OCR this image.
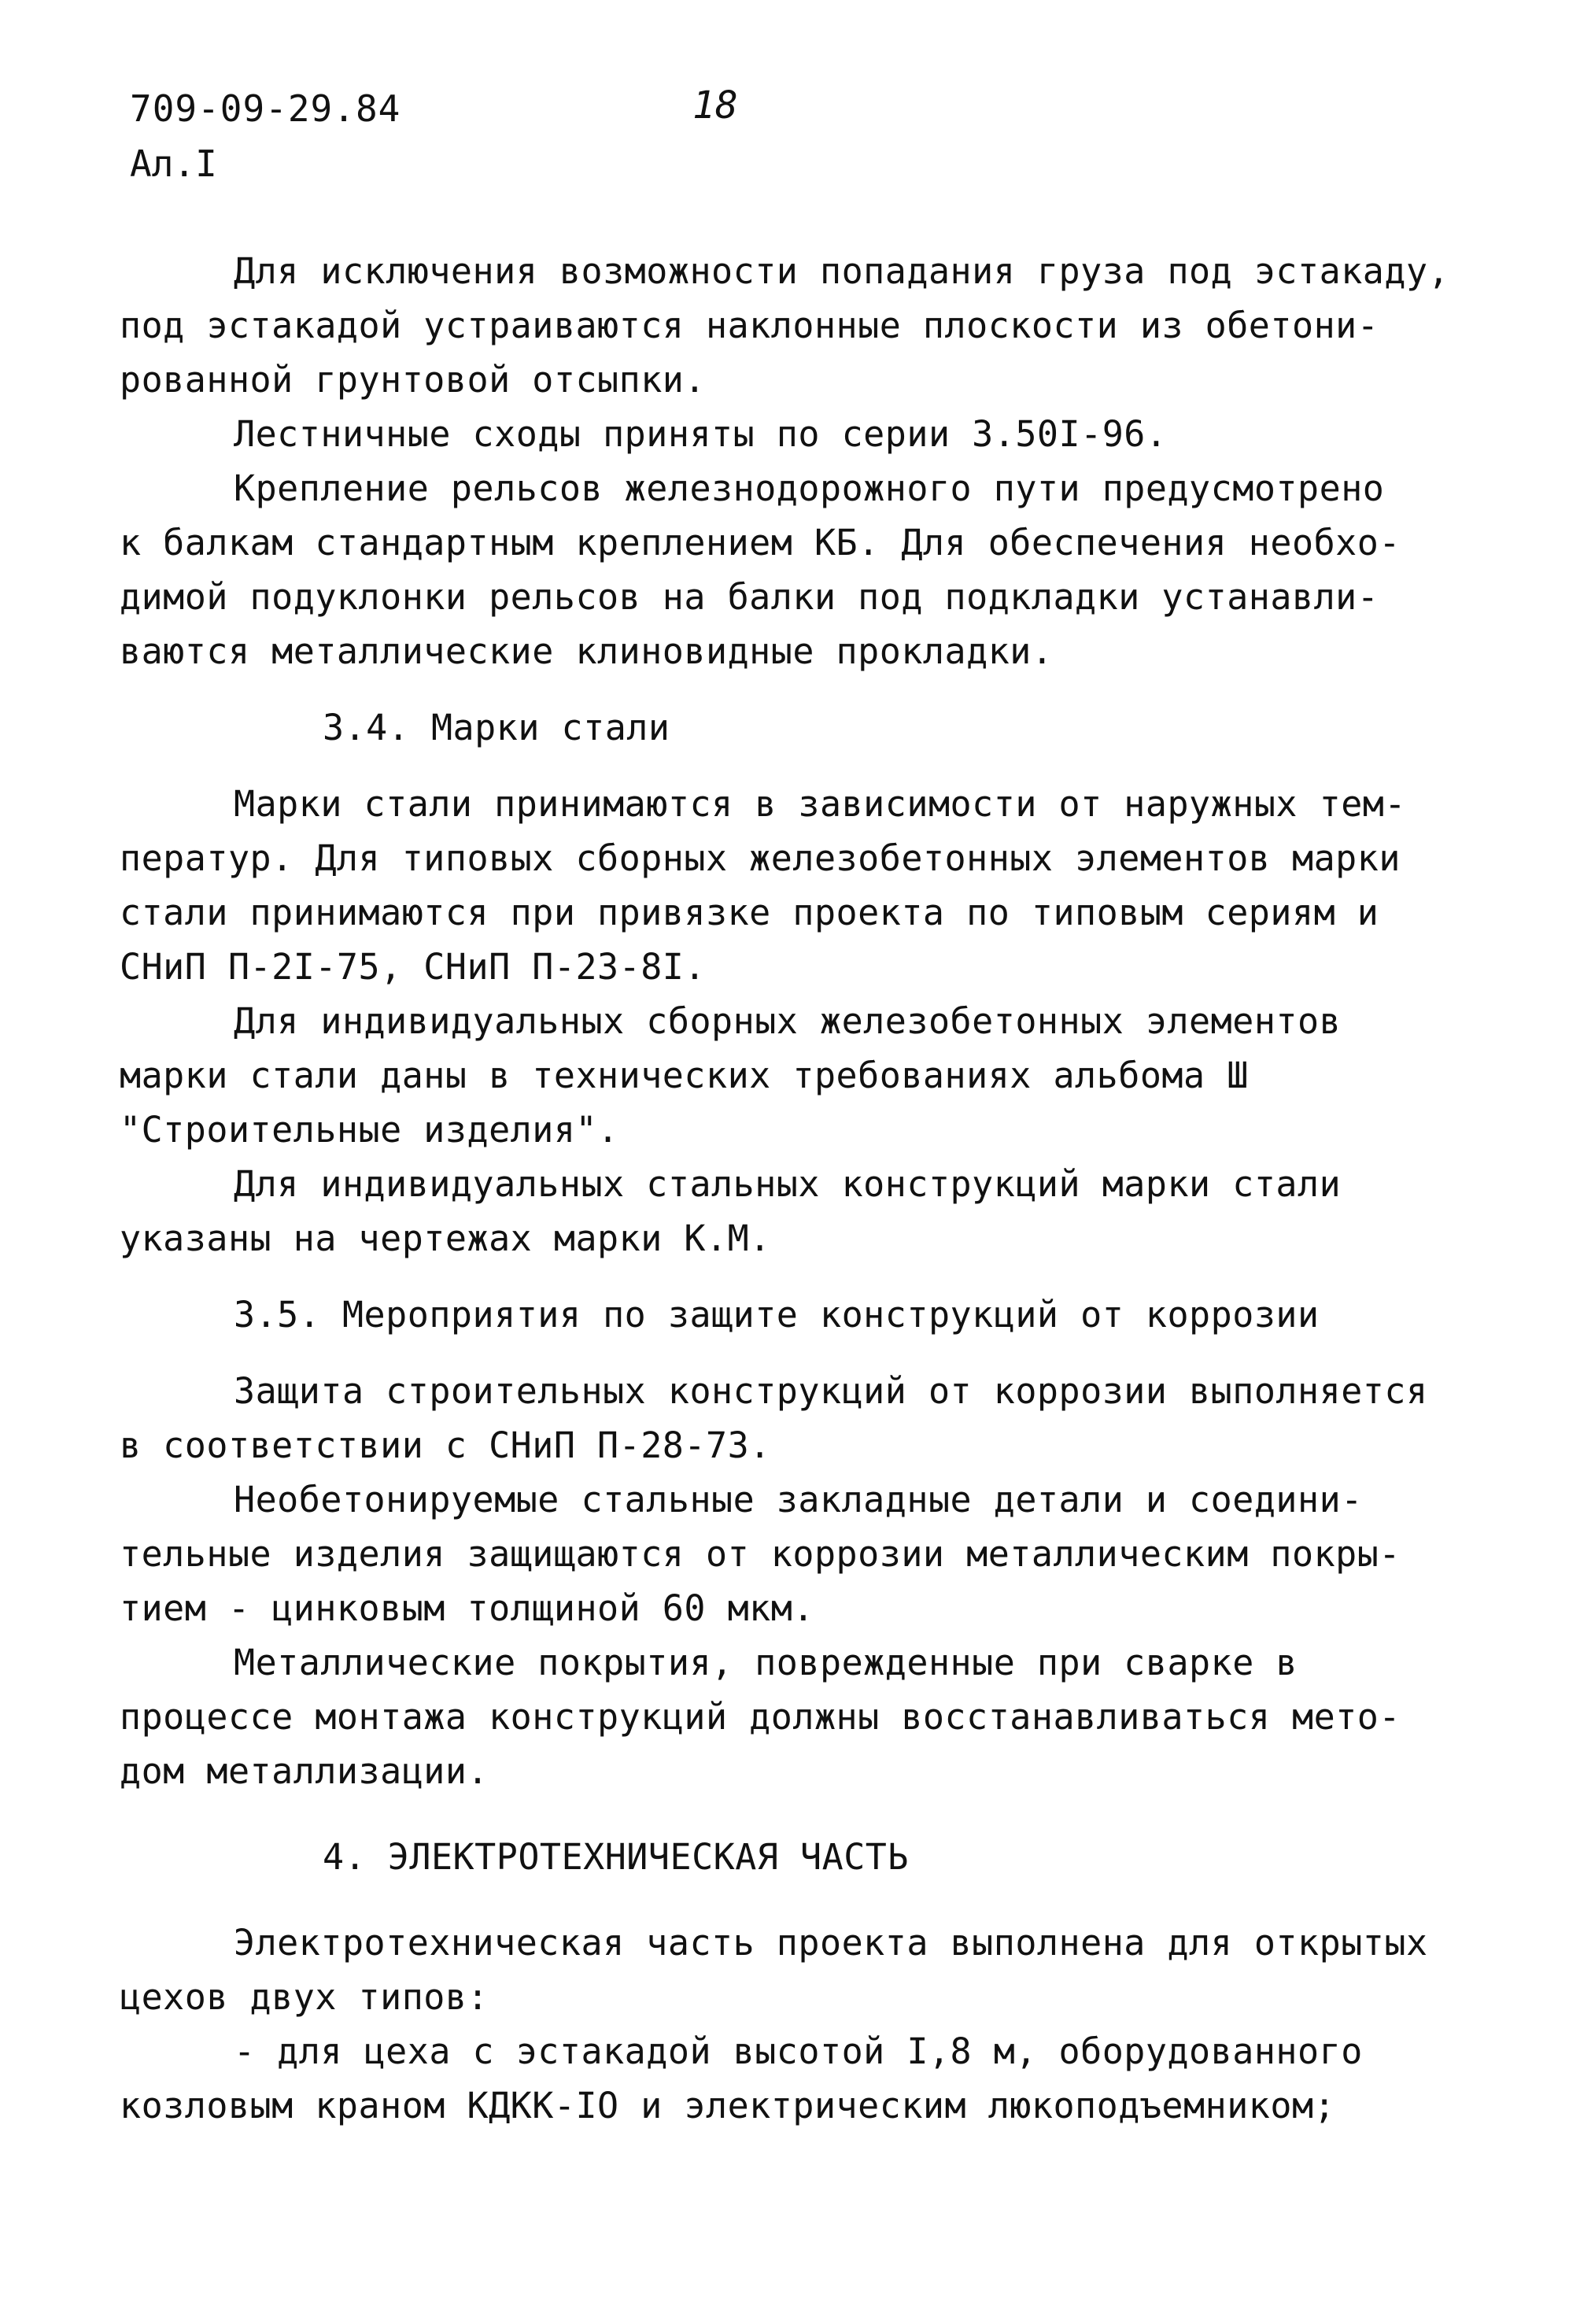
709-09-29.84	18
Ал.I
Для исключения возможности попадания груза под эстакаду,
под эстакадой устраиваются наклонные плоскости из обетони-
рованной грунтовой отсыпки.
Лестничные сходы приняты по серии 3.50I-96.
Крепление рельсов железнодорожного пути предусмотрено
к балкам стандартным креплением КБ. Для обеспечения необхо-
димой подуклонки рельсов на балки под подкладки устанавли-
ваются металлические клиновидные прокладки.
3.4. Марки стали
Марки стали принимаются в зависимости от наружных тем-
ператур. Для типовых сборных железобетонных элементов марки
стали принимаются при привязке проекта по типовым сериям и
СНиП П-2I-75, СНиП П-23-8I.
Для индивидуальных сборных железобетонных элементов
марки стали даны в технических требованиях альбома Ш
"Строительные изделия".
Для индивидуальных стальных конструкций марки стали
указаны на чертежах марки К.М.
3.5. Мероприятия по защите конструкций от коррозии
Защита строительных конструкций от коррозии выполняется
в соответствии с СНиП П-28-73.
Необетонируемые стальные закладные детали и соедини-
тельные изделия защищаются от коррозии металлическим покры-
тием - цинковым толщиной 60 мкм.
Металлические покрытия, поврежденные при сварке в
процессе монтажа конструкций должны восстанавливаться мето-
дом металлизации.
4. ЭЛЕКТРОТЕХНИЧЕСКАЯ ЧАСТЬ
Электротехническая часть проекта выполнена для открытых
цехов двух типов:
- для цеха с эстакадой высотой I,8 м, оборудованного
козловым краном КДКК-IO и электрическим люкоподъемником;
